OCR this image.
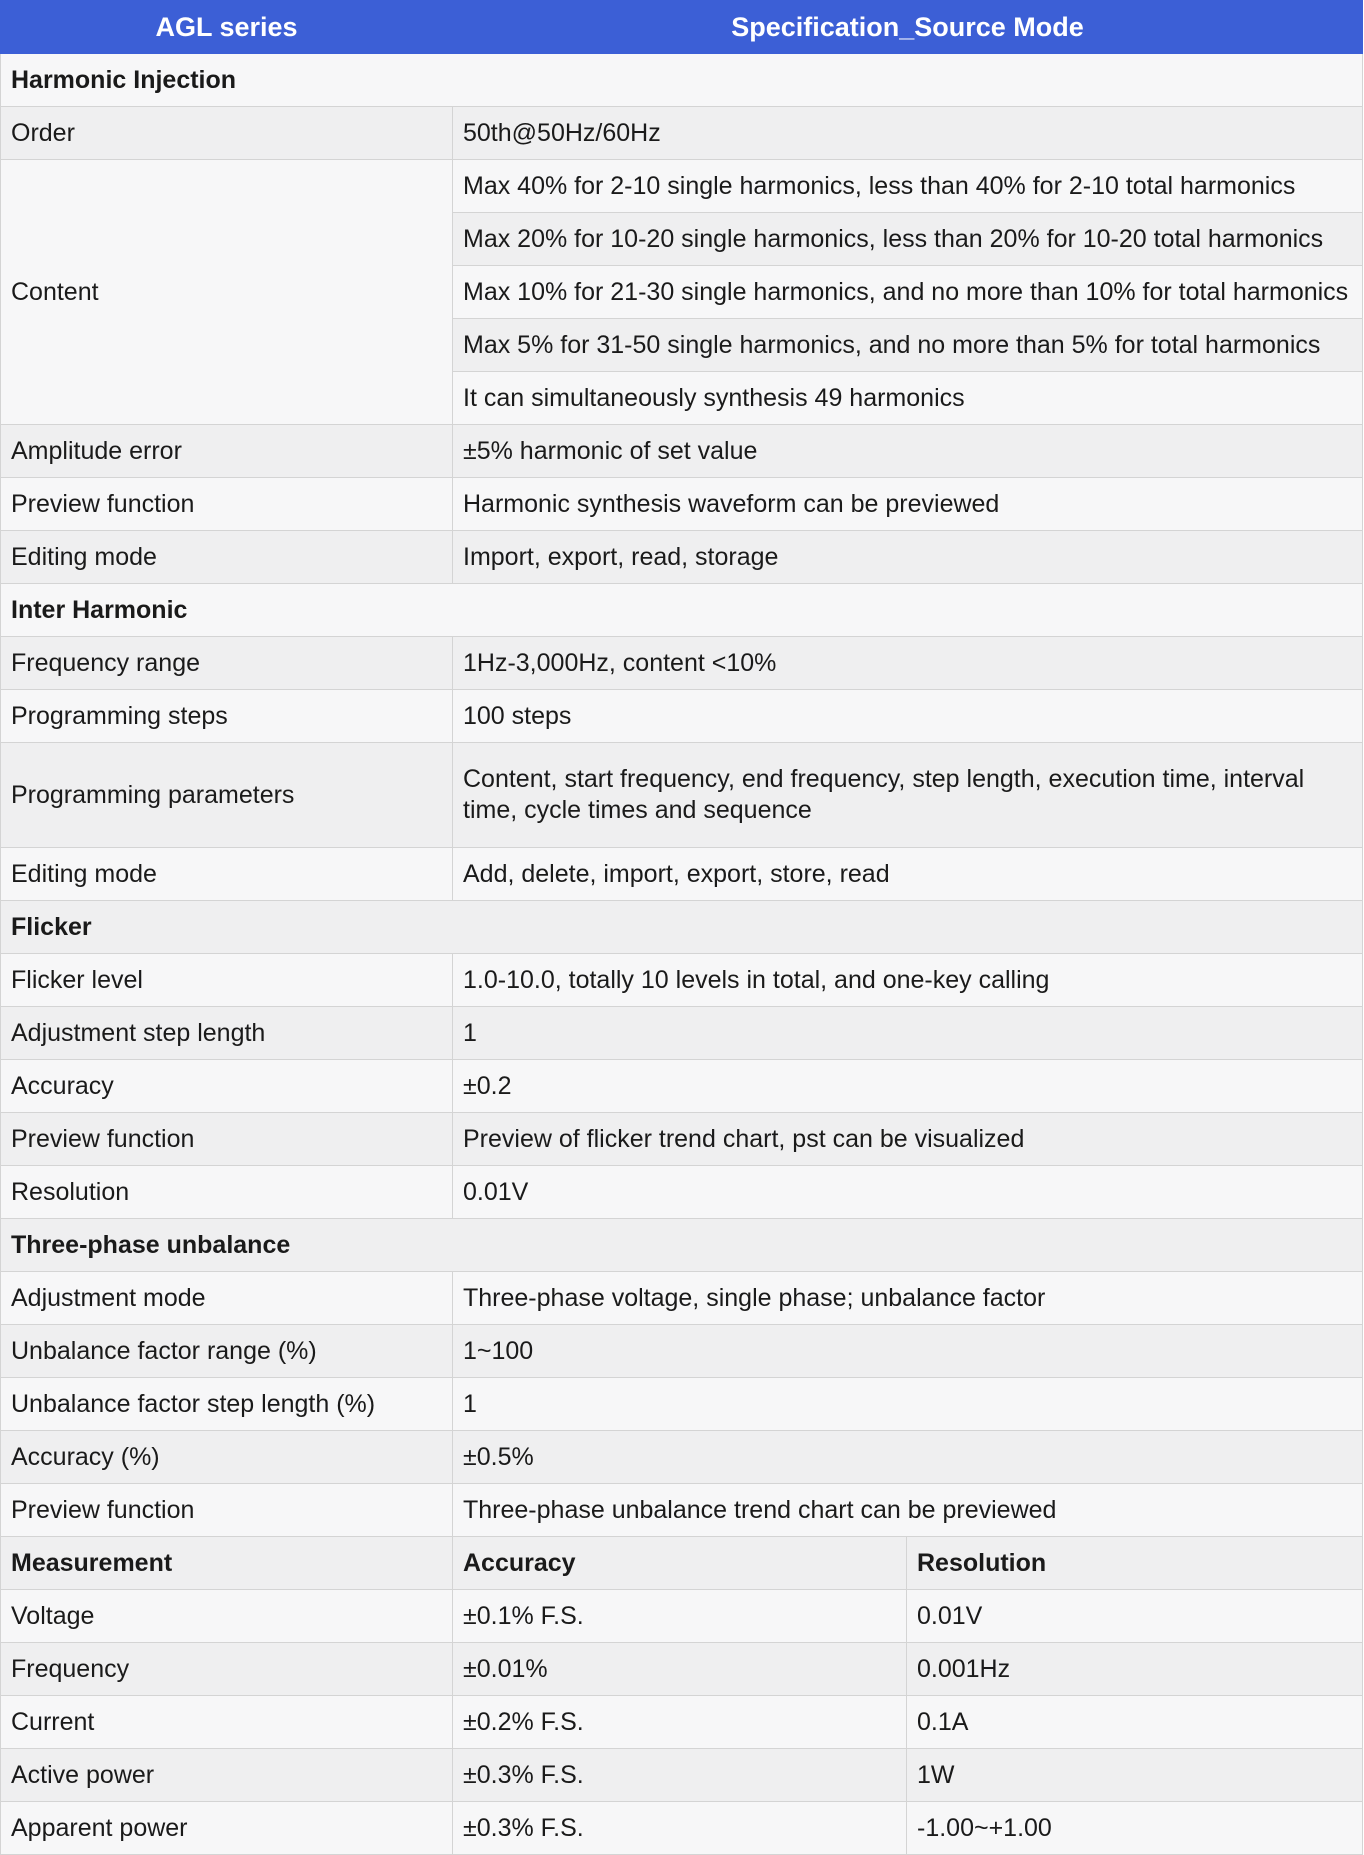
AGL series	Specification_Source Mode	
Harmonic Injection		
Order	50th@50Hz/60Hz	
Content	Max 40% for 2-10 single harmonics, less than 40% for 2-10 total harmonics	
	Max 20% for 10-20 single harmonics, less than 20% for 10-20 total harmonics	
	Max 10% for 21-30 single harmonics, and no more than 10% for total harmonics	
	Max 5% for 31-50 single harmonics, and no more than 5% for total harmonics	
	It can simultaneously synthesis 49 harmonics	
Amplitude error	±5% harmonic of set value	
Preview function	Harmonic synthesis waveform can be previewed	
Editing mode	Import, export, read, storage	
Inter Harmonic		
Frequency range	1Hz-3,000Hz, content <10%	
Programming steps	100 steps	
Programming parameters	Content, start frequency, end frequency, step length, execution time, interval time, cycle times and sequence	
Editing mode	Add, delete, import, export, store, read	
Flicker		
Flicker level	1.0-10.0, totally 10 levels in total, and one-key calling	
Adjustment step length	1	
Accuracy	±0.2	
Preview function	Preview of flicker trend chart, pst can be visualized	
Resolution	0.01V	
Three-phase unbalance		
Adjustment mode	Three-phase voltage, single phase; unbalance factor	
Unbalance factor range (%)	1~100	
Unbalance factor step length (%)	1	
Accuracy (%)	±0.5%	
Preview function	Three-phase unbalance trend chart can be previewed	
Measurement	Accuracy	Resolution
Voltage	±0.1% F.S.	0.01V
Frequency	±0.01%	0.001Hz
Current	±0.2% F.S.	0.1A
Active power	±0.3% F.S.	1W
Apparent power	±0.3% F.S.	-1.00~+1.00
